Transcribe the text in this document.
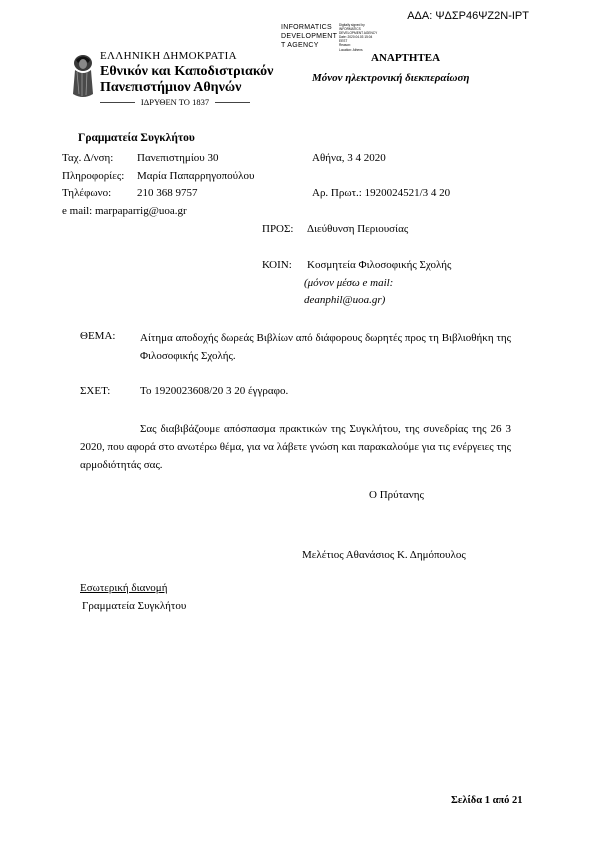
ΑΔΑ: ΨΔΣΡ46ΨΖ2Ν-ΙΡΤ
INFORMATICS
DEVELOPMENT
T AGENCY
Digitally signed by
INFORMATICS
DEVELOPMENT AGENCY
Date: 2020.04.03 15:04
EEST
Reason:
Location: Athens
ΕΛΛΗΝΙΚΗ ΔΗΜΟΚΡΑΤΙΑ
Εθνικόν και Καποδιστριακόν
Πανεπιστήμιον Αθηνών
ΙΔΡΥΘΕΝ ΤΟ 1837
ΑΝΑΡΤΗΤΕΑ
Μόνον ηλεκτρονική διεκπεραίωση
Γραμματεία Συγκλήτου
Ταχ. Δ/νση: Πανεπιστημίου 30	Αθήνα, 3 4 2020
Πληροφορίες: Μαρία Παπαρρηγοπούλου
Τηλέφωνο: 210 368 9757	Αρ. Πρωτ.: 1920024521/3 4 20
e mail: marpaparrig@uoa.gr
ΠΡΟΣ: Διεύθυνση Περιουσίας
ΚΟΙΝ: Κοσμητεία Φιλοσοφικής Σχολής
(μόνον μέσω e mail:
deanphil@uoa.gr)
ΘΕΜΑ: Αίτημα αποδοχής δωρεάς Βιβλίων από διάφορους δωρητές προς τη Βιβλιοθήκη της Φιλοσοφικής Σχολής.
ΣΧΕΤ:	Το 1920023608/20 3 20 έγγραφο.
Σας διαβιβάζουμε απόσπασμα πρακτικών της Συγκλήτου, της συνεδρίας της 26 3 2020, που αφορά στο ανωτέρω θέμα, για να λάβετε γνώση και παρακαλούμε για τις ενέργειες της αρμοδιότητάς σας.
Ο Πρύτανης
Μελέτιος Αθανάσιος Κ. Δημόπουλος
Εσωτερική διανομή
Γραμματεία Συγκλήτου
Σελίδα 1 από 21
